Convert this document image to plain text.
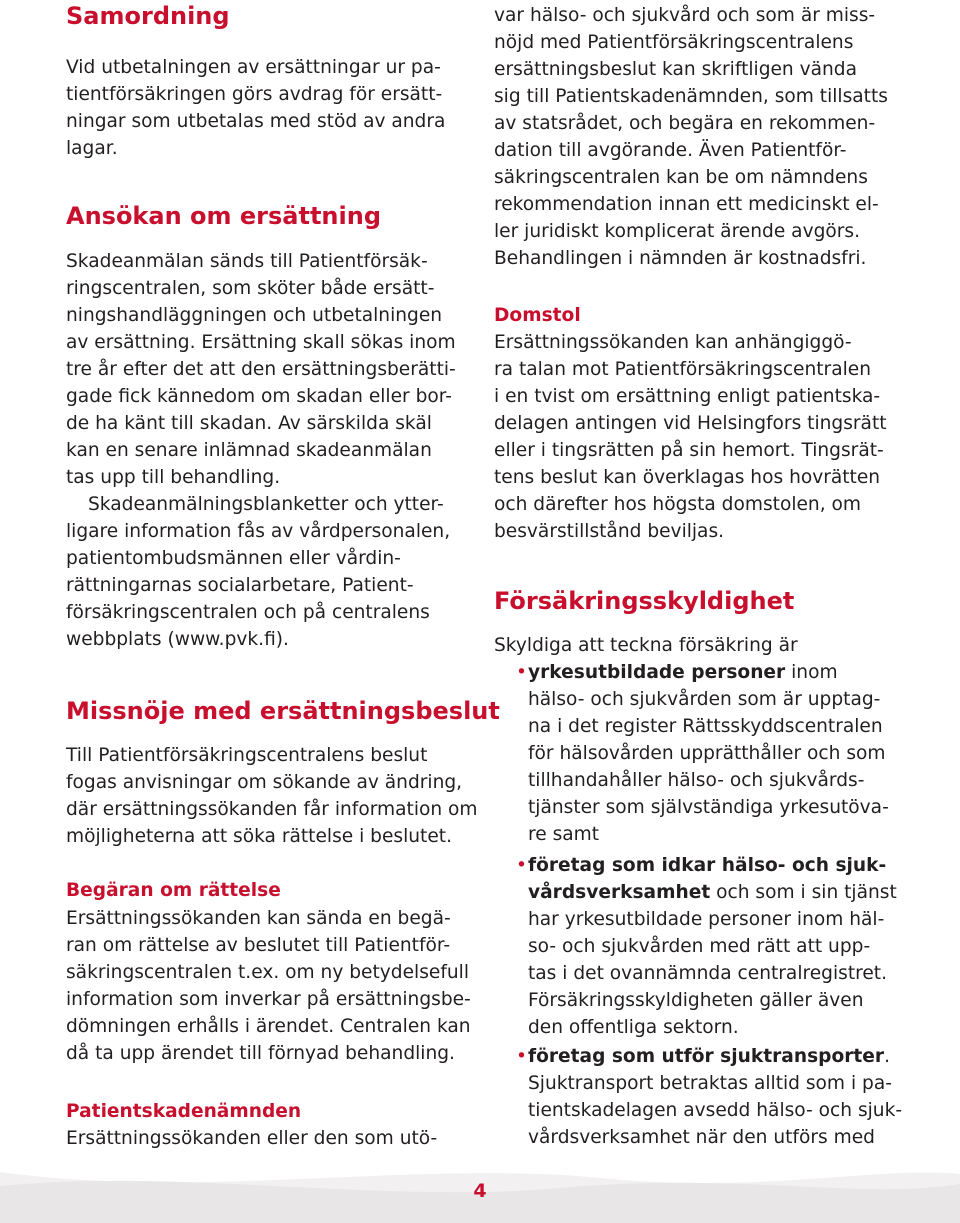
Samordning
Vid utbetalningen av ersättningar ur pa-
tientförsäkringen görs avdrag för ersätt-
ningar som utbetalas med stöd av andra
lagar.
Ansökan om ersättning
Skadeanmälan sänds till Patientförsäk-
ringscentralen, som sköter både ersätt-
ningshandläggningen och utbetalningen
av ersättning. Ersättning skall sökas inom
tre år efter det att den ersättningsberätti-
gade fick kännedom om skadan eller bor-
de ha känt till skadan. Av särskilda skäl
kan en senare inlämnad skadeanmälan
tas upp till behandling.
Skadeanmälningsblanketter och ytter-
ligare information fås av vårdpersonalen,
patientombudsmännen eller vårdin-
rättningarnas socialarbetare, Patient-
försäkringscentralen och på centralens
webbplats (www.pvk.fi).
Missnöje med ersättningsbeslut
Till Patientförsäkringscentralens beslut
fogas anvisningar om sökande av ändring,
där ersättningssökanden får information om
möjligheterna att söka rättelse i beslutet.
Begäran om rättelse
Ersättningssökanden kan sända en begä-
ran om rättelse av beslutet till Patientför-
säkringscentralen t.ex. om ny betydelsefull
information som inverkar på ersättningsbe-
dömningen erhålls i ärendet. Centralen kan
då ta upp ärendet till förnyad behandling.
Patientskadenämnden
Ersättningssökanden eller den som utö-
var hälso- och sjukvård och som är miss-
nöjd med Patientförsäkringscentralens
ersättningsbeslut kan skriftligen vända
sig till Patientskadenämnden, som tillsatts
av statsrådet, och begära en rekommen-
dation till avgörande. Även Patientför-
säkringscentralen kan be om nämndens
rekommendation innan ett medicinskt el-
ler juridiskt komplicerat ärende avgörs.
Behandlingen i nämnden är kostnadsfri.
Domstol
Ersättningssökanden kan anhängiggö-
ra talan mot Patientförsäkringscentralen
i en tvist om ersättning enligt patientska-
delagen antingen vid Helsingfors tingsrätt
eller i tingsrätten på sin hemort. Tingsrät-
tens beslut kan överklagas hos hovrätten
och därefter hos högsta domstolen, om
besvärstillstånd beviljas.
Försäkringsskyldighet
Skyldiga att teckna försäkring är
• yrkesutbildade personer inom
hälso- och sjukvården som är upptag-
na i det register Rättsskyddscentralen
för hälsovården upprätthåller och som
tillhandahåller hälso- och sjukvårds-
tjänster som självständiga yrkesutöva-
re samt
• företag som idkar hälso- och sjuk-
vårdsverksamhet och som i sin tjänst
har yrkesutbildade personer inom häl-
so- och sjukvården med rätt att upp-
tas i det ovannämnda centralregistret.
Försäkringsskyldigheten gäller även
den offentliga sektorn.
• företag som utför sjuktransporter.
Sjuktransport betraktas alltid som i pa-
tientskadelagen avsedd hälso- och sjuk-
vårdsverksamhet när den utförs med
4
